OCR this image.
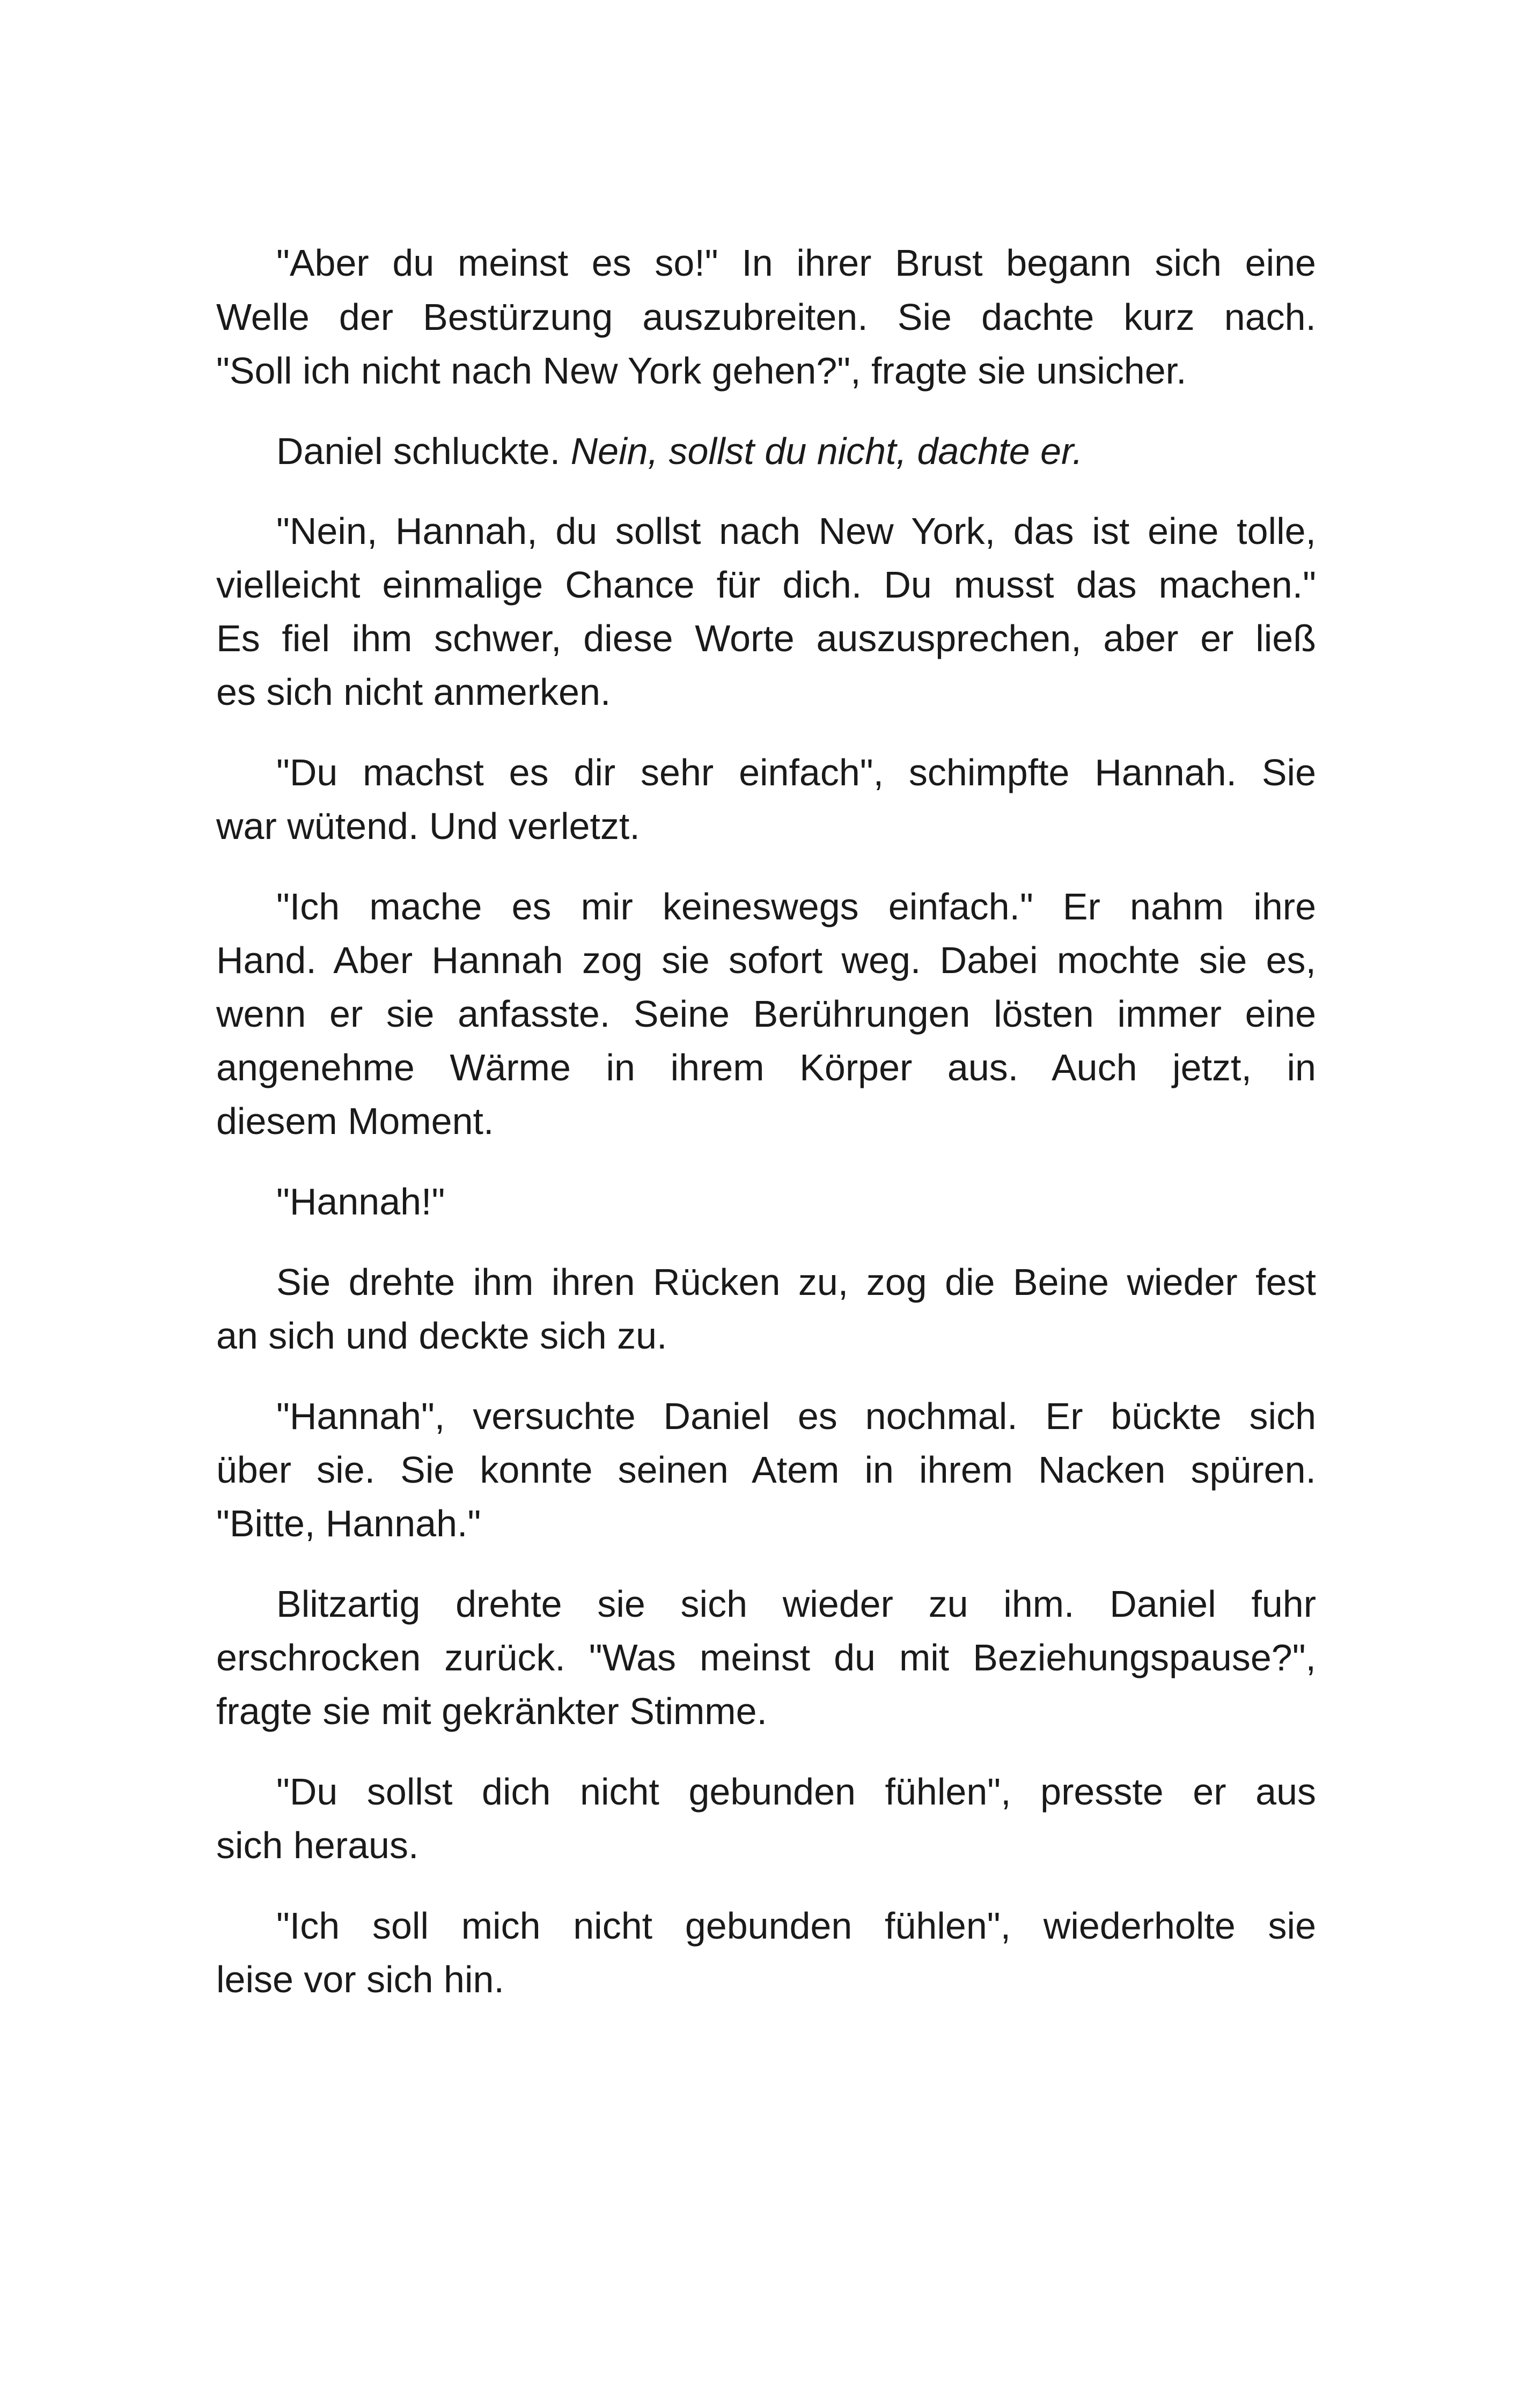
"Aber du meinst es so!" In ihrer Brust begann sich eine
Welle der Bestürzung auszubreiten. Sie dachte kurz nach.
"Soll ich nicht nach New York gehen?", fragte sie unsicher.
Daniel schluckte. Nein, sollst du nicht, dachte er.
"Nein, Hannah, du sollst nach New York, das ist eine tolle,
vielleicht einmalige Chance für dich. Du musst das machen."
Es fiel ihm schwer, diese Worte auszusprechen, aber er ließ
es sich nicht anmerken.
"Du machst es dir sehr einfach", schimpfte Hannah. Sie
war wütend. Und verletzt.
"Ich mache es mir keineswegs einfach." Er nahm ihre
Hand. Aber Hannah zog sie sofort weg. Dabei mochte sie es,
wenn er sie anfasste. Seine Berührungen lösten immer eine
angenehme Wärme in ihrem Körper aus. Auch jetzt, in
diesem Moment.
"Hannah!"
Sie drehte ihm ihren Rücken zu, zog die Beine wieder fest
an sich und deckte sich zu.
"Hannah", versuchte Daniel es nochmal. Er bückte sich
über sie. Sie konnte seinen Atem in ihrem Nacken spüren.
"Bitte, Hannah."
Blitzartig drehte sie sich wieder zu ihm. Daniel fuhr
erschrocken zurück. "Was meinst du mit Beziehungspause?",
fragte sie mit gekränkter Stimme.
"Du sollst dich nicht gebunden fühlen", presste er aus
sich heraus.
"Ich soll mich nicht gebunden fühlen", wiederholte sie
leise vor sich hin.
